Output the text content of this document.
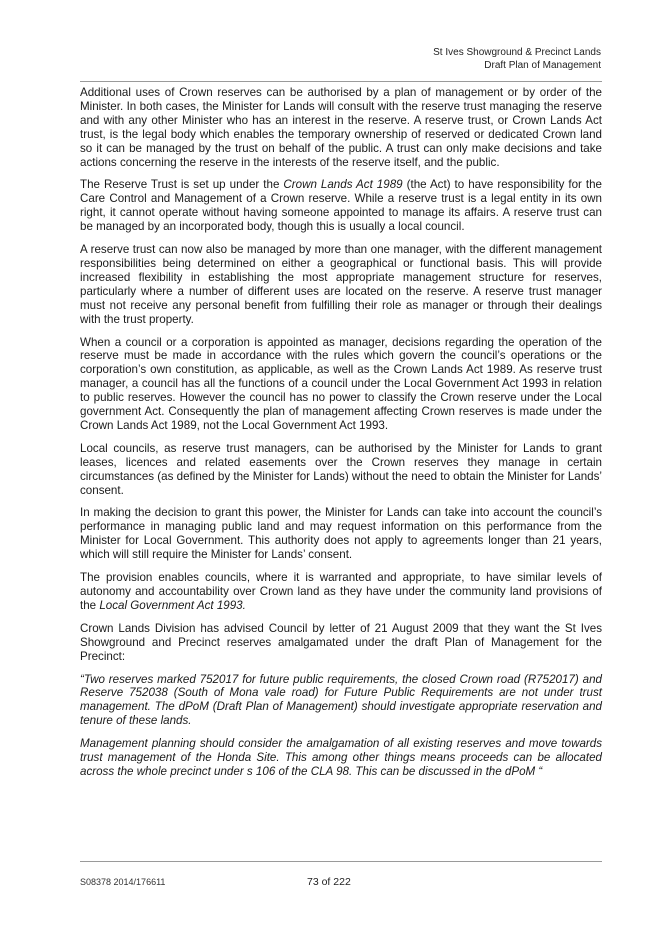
St Ives Showground & Precinct Lands
Draft Plan of Management

Additional uses of Crown reserves can be authorised by a plan of management or by order of the Minister. In both cases, the Minister for Lands will consult with the reserve trust managing the reserve and with any other Minister who has an interest in the reserve. A reserve trust, or Crown Lands Act trust, is the legal body which enables the temporary ownership of reserved or dedicated Crown land so it can be managed by the trust on behalf of the public. A trust can only make decisions and take actions concerning the reserve in the interests of the reserve itself, and the public.

The Reserve Trust is set up under the Crown Lands Act 1989 (the Act) to have responsibility for the Care Control and Management of a Crown reserve. While a reserve trust is a legal entity in its own right, it cannot operate without having someone appointed to manage its affairs. A reserve trust can be managed by an incorporated body, though this is usually a local council.

A reserve trust can now also be managed by more than one manager, with the different management responsibilities being determined on either a geographical or functional basis. This will provide increased flexibility in establishing the most appropriate management structure for reserves, particularly where a number of different uses are located on the reserve. A reserve trust manager must not receive any personal benefit from fulfilling their role as manager or through their dealings with the trust property.

When a council or a corporation is appointed as manager, decisions regarding the operation of the reserve must be made in accordance with the rules which govern the council’s operations or the corporation’s own constitution, as applicable, as well as the Crown Lands Act 1989. As reserve trust manager, a council has all the functions of a council under the Local Government Act 1993 in relation to public reserves. However the council has no power to classify the Crown reserve under the Local government Act. Consequently the plan of management affecting Crown reserves is made under the Crown Lands Act 1989, not the Local Government Act 1993.

Local councils, as reserve trust managers, can be authorised by the Minister for Lands to grant leases, licences and related easements over the Crown reserves they manage in certain circumstances (as defined by the Minister for Lands) without the need to obtain the Minister for Lands’ consent.

In making the decision to grant this power, the Minister for Lands can take into account the council’s performance in managing public land and may request information on this performance from the Minister for Local Government. This authority does not apply to agreements longer than 21 years, which will still require the Minister for Lands’ consent.

The provision enables councils, where it is warranted and appropriate, to have similar levels of autonomy and accountability over Crown land as they have under the community land provisions of the Local Government Act 1993.

Crown Lands Division has advised Council by letter of 21 August 2009 that they want the St Ives Showground and Precinct reserves amalgamated under the draft Plan of Management for the Precinct:

“Two reserves marked 752017 for future public requirements, the closed Crown road (R752017) and Reserve 752038 (South of Mona vale road) for Future Public Requirements are not under trust management. The dPoM (Draft Plan of Management) should investigate appropriate reservation and tenure of these lands.

Management planning should consider the amalgamation of all existing reserves and move towards trust management of the Honda Site. This among other things means proceeds can be allocated across the whole precinct under s 106 of the CLA 98. This can be discussed in the dPoM “

S08378 2014/176611	73 of 222
